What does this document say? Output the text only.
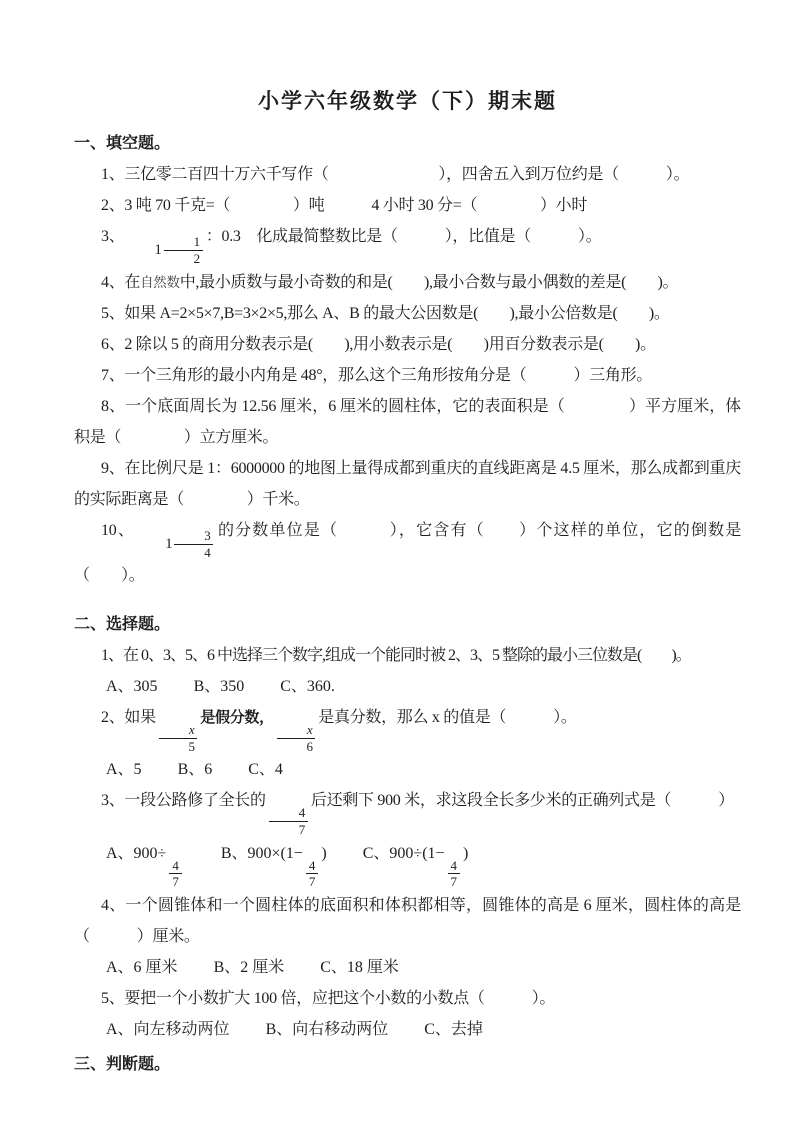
小学六年级数学（下）期末题
一、填空题。

1、三亿零二百四十万六千写作（　　　　　　　），四舍五入到万位约是（　　　）。

2、3 吨 70 千克=（　　　　）吨　　　4 小时 30 分=（　　　　）小时

3、
$1 \frac{1}{2}$ ：0.3　化成最简整数比是（　　　），比值是（　　　）。

4、在自然数中,最小质数与最小奇数的和是(　　),最小合数与最小偶数的差是(　　)。

5、如果 A=2×5×7,B=3×2×5,那么 A、B 的最大公因数是(　　),最小公倍数是(　　)。

6、2 除以 5 的商用分数表示是(　　),用小数表示是(　　)用百分数表示是(　　)。

7、一个三角形的最小内角是 48°，那么这个三角形按角分是（　　　）三角形。

8、一个底面周长为 12.56 厘米，6 厘米的圆柱体，它的表面积是（　　　　）平方厘米，体积是（　　　　）立方厘米。

9、在比例尺是 1：6000000 的地图上量得成都到重庆的直线距离是 4.5 厘米，那么成都到重庆的实际距离是（　　　　）千米。

10、
$1 \frac{3}{4}$ 的分数单位是（　　　），它含有（　　）个这样的单位，它的倒数是（　　）。

二、选择题。

1、在 0、3、5、6 中选择三个数字,组成一个能同时被 2、3、5 整除的最小三位数是(　　)。

A、305 B、350 C、360.

2、如果
$\frac{x}{5}$
是假分数，
$\frac{x}{6}$
是真分数，那么 x 的值是（　　　）。

A、5 B、6 C、4

3、一段公路修了全长的
$\frac{4}{7}$
后还剩下 900 米，求这段全长多少米的正确列式是（　　　）

A、900÷
$\frac{4}{7}$
B、900×(1−
$\frac{4}{7}$
) C、900÷(1−
$\frac{4}{7}$
)

4、一个圆锥体和一个圆柱体的底面积和体积都相等，圆锥体的高是 6 厘米，圆柱体的高是（　　　）厘米。

A、6 厘米 B、2 厘米 C、18 厘米

5、要把一个小数扩大 100 倍，应把这个小数的小数点（　　　）。

A、向左移动两位 B、向右移动两位 C、去掉

三、判断题。
